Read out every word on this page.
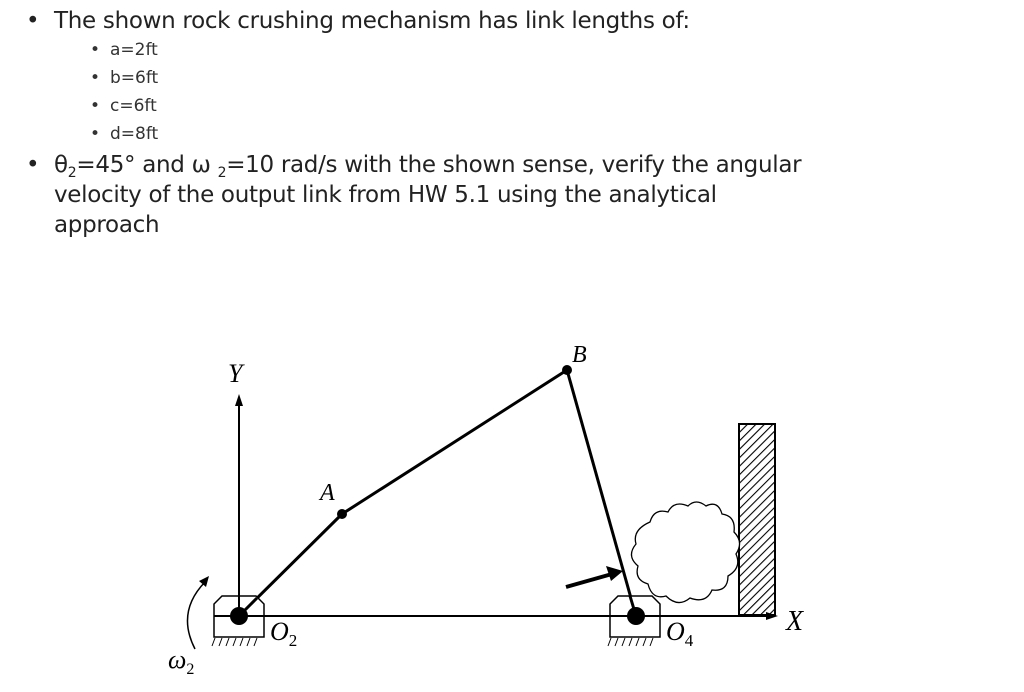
• The shown rock crushing mechanism has link lengths of:
• a=2ft
• b=6ft
• c=6ft
• d=8ft
• $\theta_2=45^\circ$ and ω $_2$=10 rad/s with the shown sense, verify the angular
velocity of the output link from HW 5.1 using the analytical
approach
Y
X
$O_2$	$O_4$
A
B
$\omega_2$
